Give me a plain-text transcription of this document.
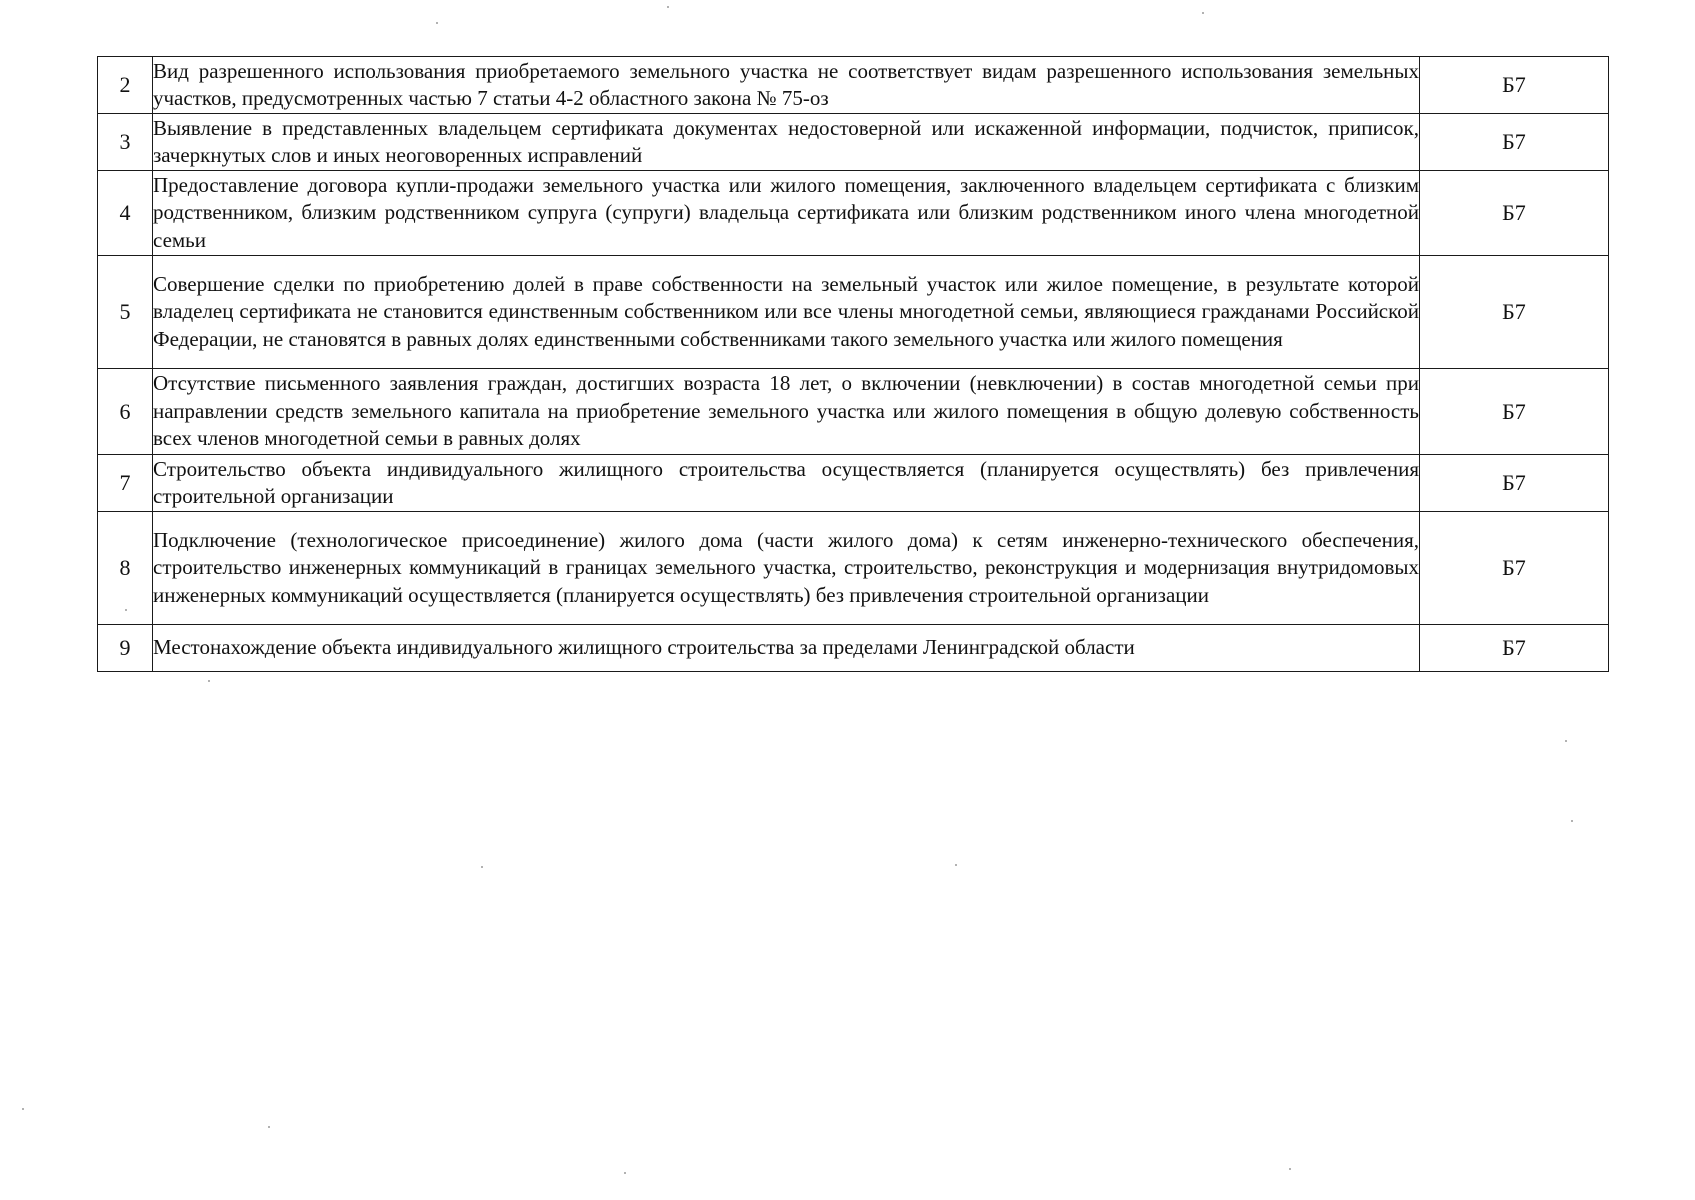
2	Вид разрешенного использования приобретаемого земельного участка не соответствует видам разрешенного использования земельных участков, предусмотренных частью 7 статьи 4-2 областного закона № 75-оз	Б7
3	Выявление в представленных владельцем сертификата документах недостоверной или искаженной информации, подчисток, приписок, зачеркнутых слов и иных неоговоренных исправлений	Б7
4	Предоставление договора купли-продажи земельного участка или жилого помещения, заключенного владельцем сертификата с близким родственником, близким родственником супруга (супруги) владельца сертификата или близким родственником иного члена многодетной семьи	Б7
5	Совершение сделки по приобретению долей в праве собственности на земельный участок или жилое помещение, в результате которой владелец сертификата не становится единственным собственником или все члены многодетной семьи, являющиеся гражданами Российской Федерации, не становятся в равных долях единственными собственниками такого земельного участка или жилого помещения	Б7
6	Отсутствие письменного заявления граждан, достигших возраста 18 лет, о включении (невключении) в состав многодетной семьи при направлении средств земельного капитала на приобретение земельного участка или жилого помещения в общую долевую собственность всех членов многодетной семьи в равных долях	Б7
7	Строительство объекта индивидуального жилищного строительства осуществляется (планируется осуществлять) без привлечения строительной организации	Б7
8	Подключение (технологическое присоединение) жилого дома (части жилого дома) к сетям инженерно-технического обеспечения, строительство инженерных коммуникаций в границах земельного участка, строительство, реконструкция и модернизация внутридомовых инженерных коммуникаций осуществляется (планируется осуществлять) без привлечения строительной организации	Б7
9	Местонахождение объекта индивидуального жилищного строительства за пределами Ленинградской области	Б7
